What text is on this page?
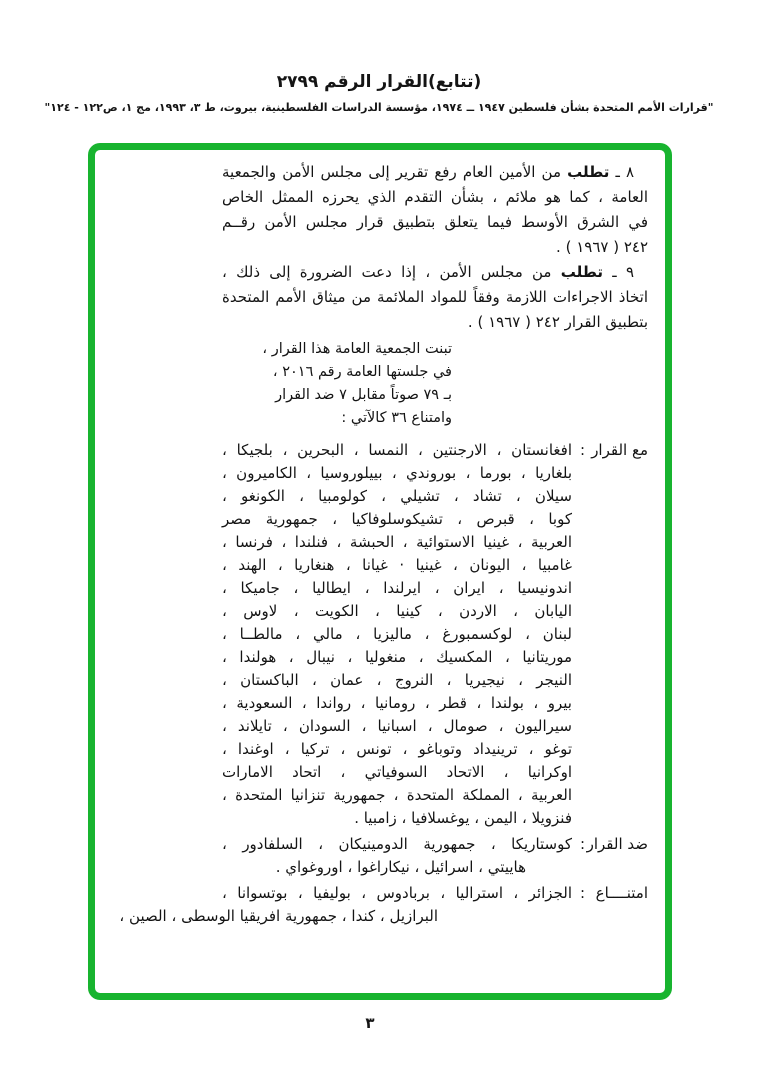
(تتابع)القرار الرقم ٢٧٩٩
"قرارات الأمم المتحدة بشأن فلسطين ١٩٤٧ ــ ١٩٧٤، مؤسسة الدراسات الفلسطينية، بيروت، ط ٣، ١٩٩٣، مج ١، ص١٢٢ - ١٢٤"
٨ ـ تطلب من الأمين العام رفع تقرير إلى مجلس الأمن والجمعية
العامة ، كما هو ملائم ، بشأن التقدم الذي يحرزه الممثل الخاص
في الشرق الأوسط فيما يتعلق بتطبيق قرار مجلس الأمن رقــم
٢٤٢ ( ١٩٦٧ ) .
٩ ـ تطلب من مجلس الأمن ، إذا دعت الضرورة إلى ذلك ،
اتخاذ الاجراءات اللازمة وفقاً للمواد الملائمة من ميثاق الأمم المتحدة
بتطبيق القرار ٢٤٢ ( ١٩٦٧ ) .
تبنت الجمعية العامة هذا القرار ،
في جلستها العامة رقم ٢٠١٦ ،
بـ ٧٩ صوتاً مقابل ٧ ضد القرار
وامتناع ٣٦ كالآتي :
مع القرار
:
افغانستان ، الارجنتين ، النمسا ، البحرين ، بلجيكا ،
بلغاريا ، بورما ، بوروندي ، بييلوروسيا ، الكاميرون ،
سيلان ، تشاد ، تشيلي ، كولومبيا ، الكونغو ،
كوبا ، قبرص ، تشيكوسلوفاكيا ، جمهورية مصر
العربية ، غينيا الاستوائية ، الحبشة ، فنلندا ، فرنسا ،
غامبيا ، اليونان ، غينيا · غيانا ، هنغاريا ، الهند ،
اندونيسيا ، ايران ، ايرلندا ، ايطاليا ، جاميكا ،
اليابان ، الاردن ، كينيا ، الكويت ، لاوس ،
لبنان ، لوكسمبورغ ، ماليزيا ، مالي ، مالطــا ،
موريتانيا ، المكسيك ، منغوليا ، نيبال ، هولندا ،
النيجر ، نيجيريا ، النروج ، عمان ، الباكستان ،
بيرو ، بولندا ، قطر ، رومانيا ، رواندا ، السعودية ،
سيراليون ، صومال ، اسبانيا ، السودان ، تايلاند ،
توغو ، ترينيداد وتوباغو ، تونس ، تركيا ، اوغندا ،
اوكرانيا ، الاتحاد السوفياتي ، اتحاد الامارات
العربية ، المملكة المتحدة ، جمهورية تنزانيا المتحدة ،
فنزويلا ، اليمن ، يوغسلافيا ، زامبيا .
ضد القرار
:
كوستاريكا ، جمهورية الدومينيكان ، السلفادور ،
هاييتي ، اسرائيل ، نيكاراغوا ، اوروغواي .
امتنــــاع
:
الجزائر ، استراليا ، بربادوس ، بوليفيا ، بوتسوانا ،
البرازيل ، كندا ، جمهورية افريقيا الوسطى ، الصين ،
٣
